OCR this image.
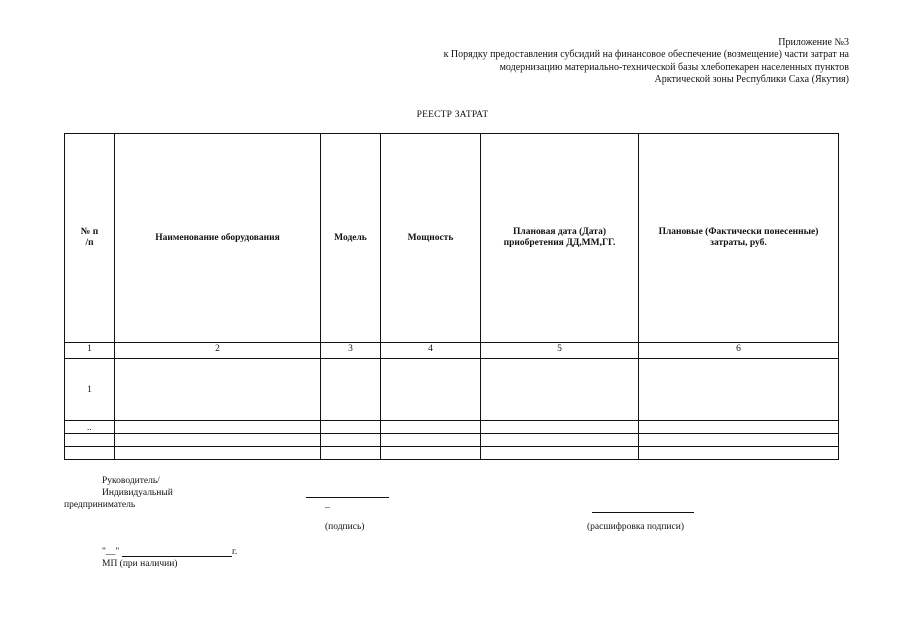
Приложение №3
к Порядку предоставления субсидий на финансовое обеспечение (возмещение) части затрат на
модернизацию материально-технической базы хлебопекарен населенных пунктов
Арктической зоны Республики Саха (Якутия)
РЕЕСТР ЗАТРАТ
№ п /п	Наименование оборудования	Модель	Мощность	Плановая дата (Дата) приобретения ДД,ММ,ГГ.	Плановые (Фактически понесенные) затраты, руб.
1	2	3	4	5	6
1					
..					

Руководитель/
Индивидуальный
предприниматель	_
(подпись)	(расшифровка подписи)
"__"	г.
МП (при наличии)
